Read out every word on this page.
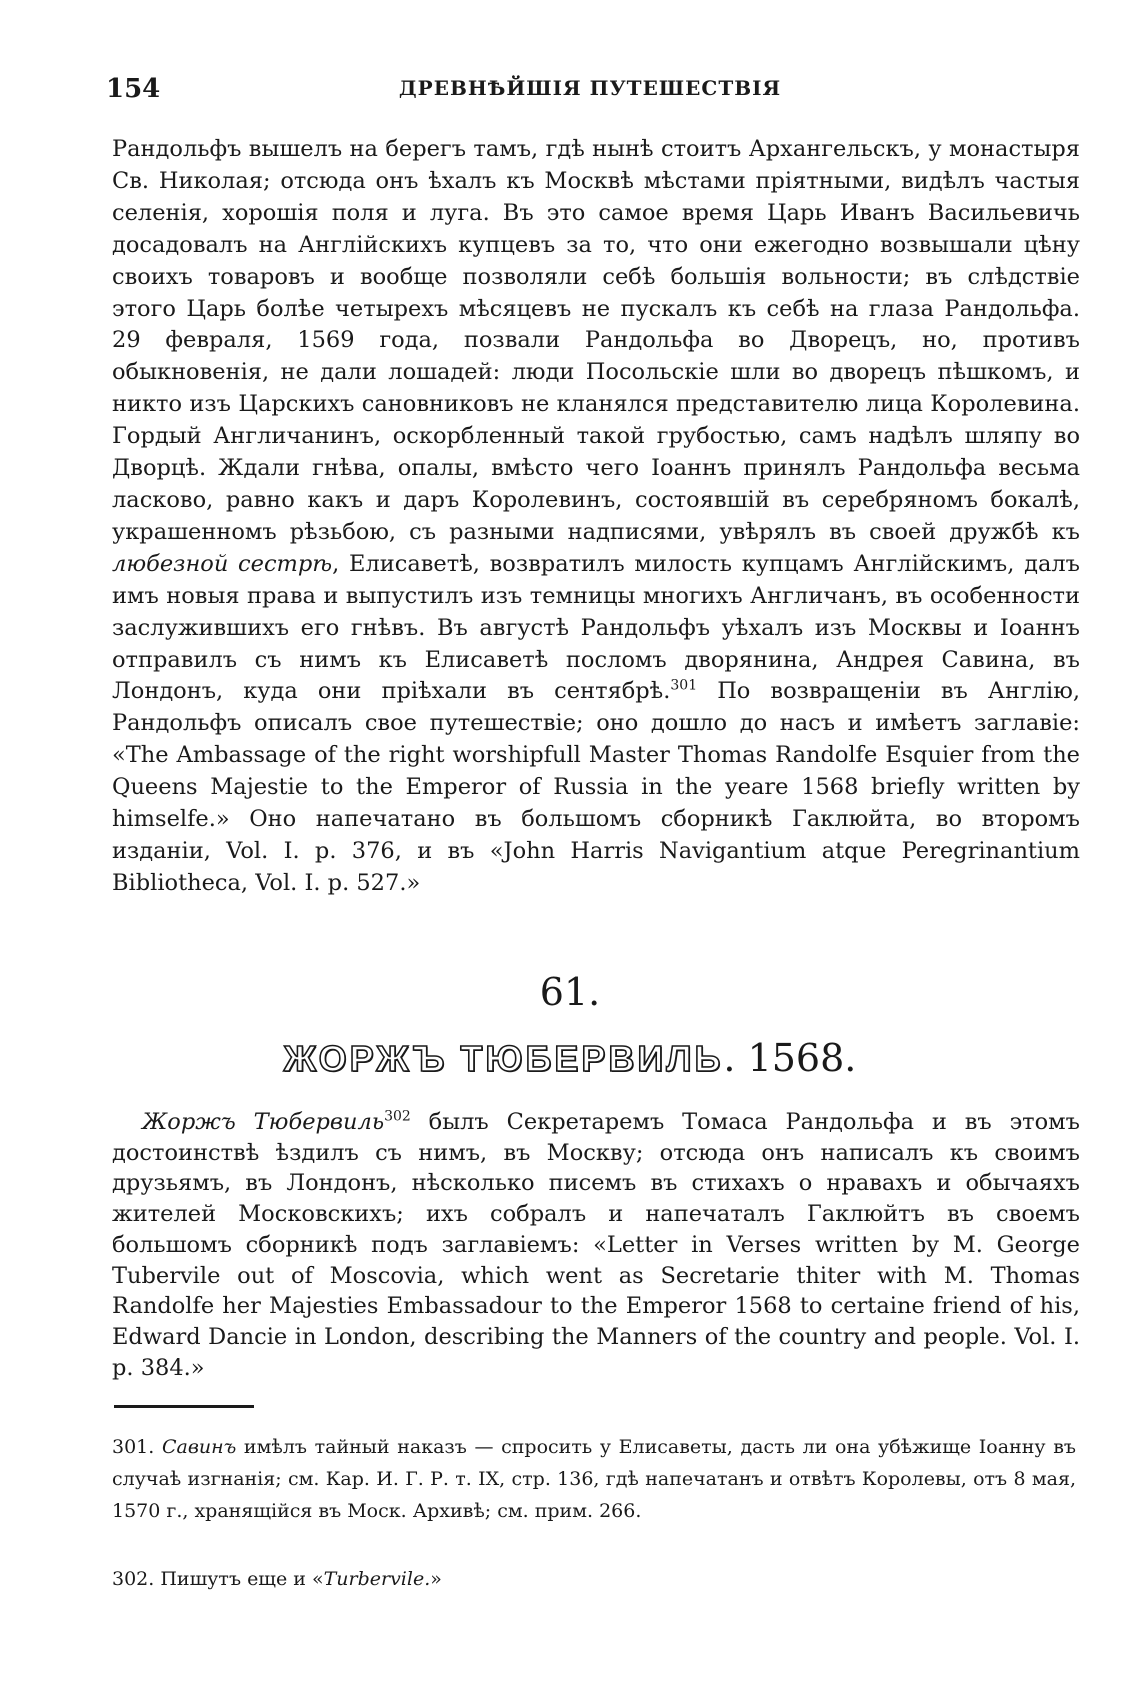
154	ДРЕВНѢЙШІЯ ПУТЕШЕСТВІЯ

Рандольфъ вышелъ на берегъ тамъ, гдѣ нынѣ стоитъ Архангельскъ, у монастыря Св. Николая; отсюда онъ ѣхалъ къ Москвѣ мѣстами пріятными, видѣлъ частыя селенія, хорошія поля и луга. Въ это самое время Царь Иванъ Васильевичь досадовалъ на Англійскихъ купцевъ за то, что они ежегодно возвышали цѣну своихъ товаровъ и вообще позволяли себѣ большія вольности; въ слѣдствіе этого Царь болѣе четырехъ мѣсяцевъ не пускалъ къ себѣ на глаза Рандольфа. 29 февраля, 1569 года, позвали Рандольфа во Дворецъ, но, противъ обыкновенія, не дали лошадей: люди Посольскіе шли во дворецъ пѣшкомъ, и никто изъ Царскихъ сановниковъ не кланялся представителю лица Королевина. Гордый Англичанинъ, оскорбленный такой грубостью, самъ надѣлъ шляпу во Дворцѣ. Ждали гнѣва, опалы, вмѣсто чего Іоаннъ принялъ Рандольфа весьма ласково, равно какъ и даръ Королевинъ, состоявшій въ серебряномъ бокалѣ, украшенномъ рѣзьбою, съ разными надписями, увѣрялъ въ своей дружбѣ къ любезной сестрѣ, Елисаветѣ, возвратилъ милость купцамъ Англійскимъ, далъ имъ новыя права и выпустилъ изъ темницы многихъ Англичанъ, въ особенности заслужившихъ его гнѣвъ. Въ августѣ Рандольфъ уѣхалъ изъ Москвы и Іоаннъ отправилъ съ нимъ къ Елисаветѣ посломъ дворянина, Андрея Савина, въ Лондонъ, куда они пріѣхали въ сентябрѣ.$^{301}$ По возвращеніи въ Англію, Рандольфъ описалъ свое путешествіе; оно дошло до насъ и имѣетъ заглавіе: «The Ambassage of the right worshipfull Master Thomas Randolfe Esquier from the Queens Majestie to the Emperor of Russia in the yeare 1568 briefly written by himselfe.» Оно напечатано въ большомъ сборникѣ Гаклюйта, во второмъ изданіи, Vol. I. p. 376, и въ «John Harris Navigantium atque Peregrinantium Bibliotheca, Vol. I. p. 527.»

61.
ЖОРЖЪ ТЮБЕРВИЛЬ. 1568.

Жоржъ Тюбервиль$^{302}$ былъ Секретаремъ Томаса Рандольфа и въ этомъ достоинствѣ ѣздилъ съ нимъ, въ Москву; отсюда онъ написалъ къ своимъ друзьямъ, въ Лондонъ, нѣсколько писемъ въ стихахъ о нравахъ и обычаяхъ жителей Московскихъ; ихъ собралъ и напечаталъ Гаклюйтъ въ своемъ большомъ сборникѣ подъ заглавіемъ: «Letter in Verses written by M. George Tubervile out of Moscovia, which went as Secretarie thiter with M. Thomas Randolfe her Majesties Embassadour to the Emperor 1568 to certaine friend of his, Edward Dancie in London, describing the Manners of the country and people. Vol. I. p. 384.»

301. Савинъ имѣлъ тайный наказъ — спросить у Елисаветы, дасть ли она убѣжище Іоанну въ случаѣ изгнанія; см. Кар. И. Г. Р. т. IX, стр. 136, гдѣ напечатанъ и отвѣтъ Королевы, отъ 8 мая, 1570 г., хранящійся въ Моск. Архивѣ; см. прим. 266.

302. Пишутъ еще и «Turbervile.»
